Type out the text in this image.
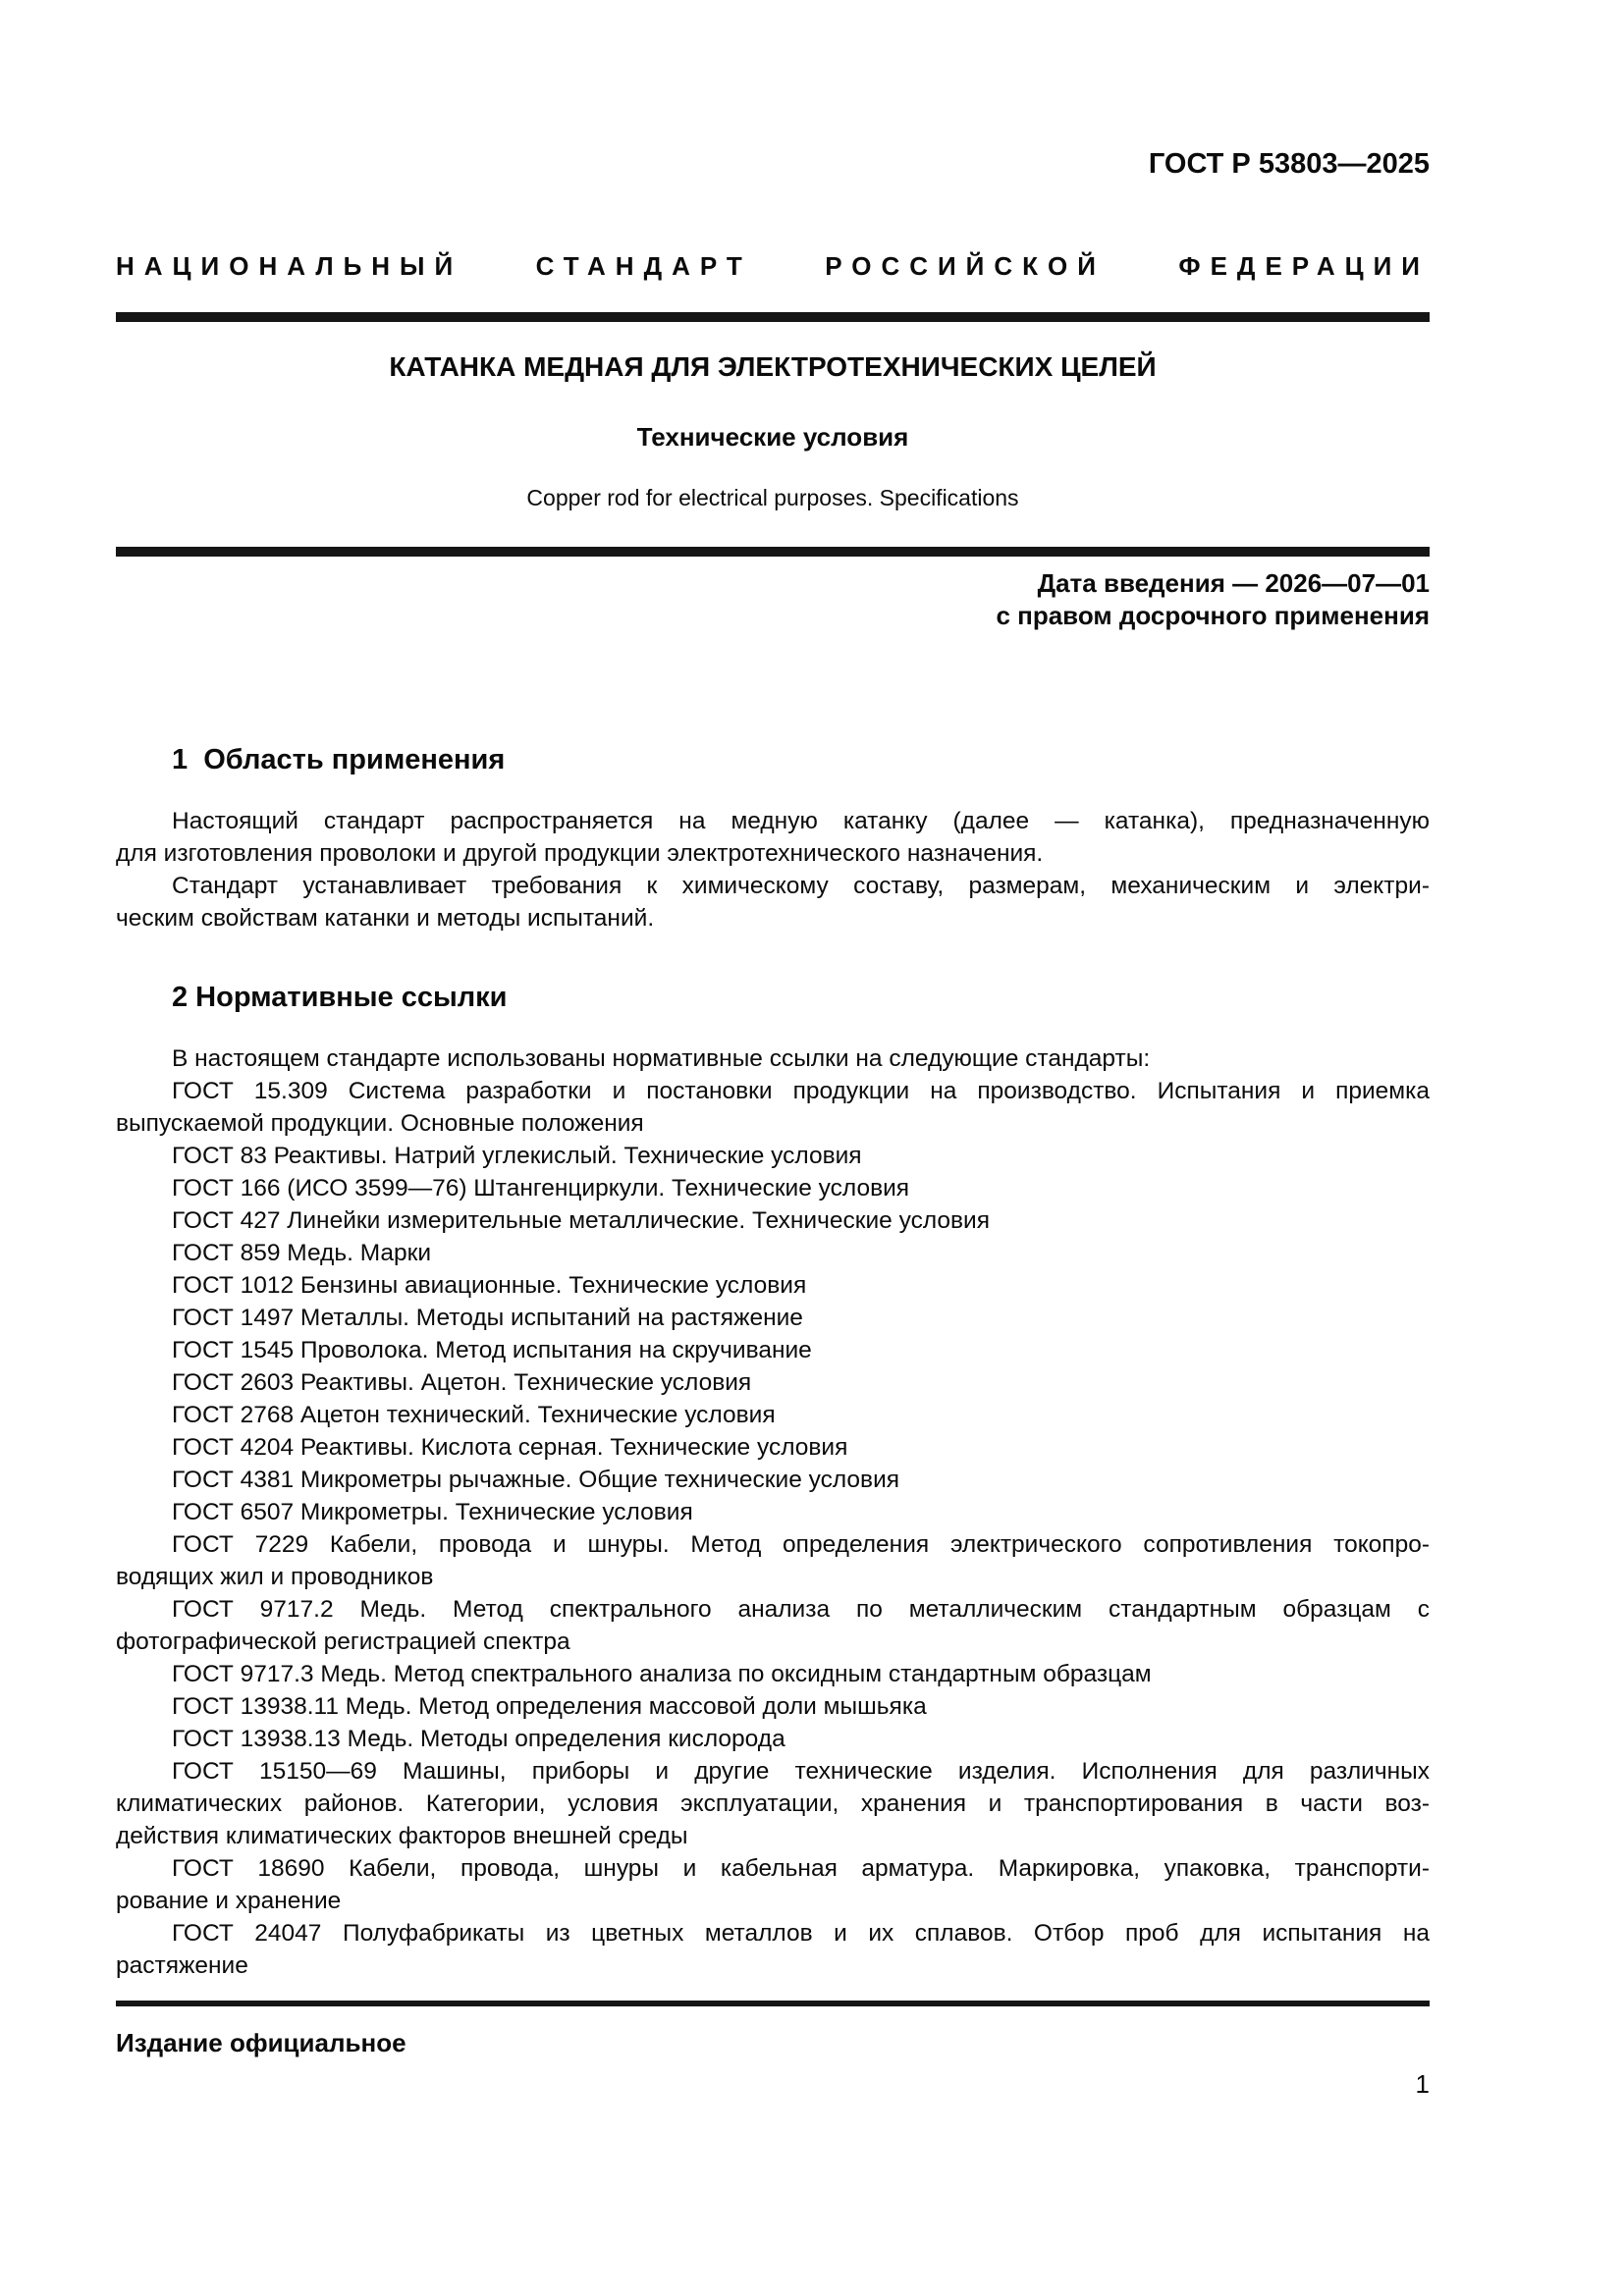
ГОСТ Р 53803—2025
НАЦИОНАЛЬНЫЙ СТАНДАРТ РОССИЙСКОЙ ФЕДЕРАЦИИ
КАТАНКА МЕДНАЯ ДЛЯ ЭЛЕКТРОТЕХНИЧЕСКИХ ЦЕЛЕЙ
Технические условия
Copper rod for electrical purposes. Specifications
Дата введения — 2026—07—01
с правом досрочного применения
1  Область применения
Настоящий стандарт распространяется на медную катанку (далее — катанка), предназначенную
для изготовления проволоки и другой продукции электротехнического назначения.
Стандарт устанавливает требования к химическому составу, размерам, механическим и электри-
ческим свойствам катанки и методы испытаний.
2 Нормативные ссылки
В настоящем стандарте использованы нормативные ссылки на следующие стандарты:
ГОСТ 15.309 Система разработки и постановки продукции на производство. Испытания и приемка
выпускаемой продукции. Основные положения
ГОСТ 83 Реактивы. Натрий углекислый. Технические условия
ГОСТ 166 (ИСО 3599—76) Штангенциркули. Технические условия
ГОСТ 427 Линейки измерительные металлические. Технические условия
ГОСТ 859 Медь. Марки
ГОСТ 1012 Бензины авиационные. Технические условия
ГОСТ 1497 Металлы. Методы испытаний на растяжение
ГОСТ 1545 Проволока. Метод испытания на скручивание
ГОСТ 2603 Реактивы. Ацетон. Технические условия
ГОСТ 2768 Ацетон технический. Технические условия
ГОСТ 4204 Реактивы. Кислота серная. Технические условия
ГОСТ 4381 Микрометры рычажные. Общие технические условия
ГОСТ 6507 Микрометры. Технические условия
ГОСТ 7229 Кабели, провода и шнуры. Метод определения электрического сопротивления токопро-
водящих жил и проводников
ГОСТ 9717.2 Медь. Метод спектрального анализа по металлическим стандартным образцам с
фотографической регистрацией спектра
ГОСТ 9717.3 Медь. Метод спектрального анализа по оксидным стандартным образцам
ГОСТ 13938.11 Медь. Метод определения массовой доли мышьяка
ГОСТ 13938.13 Медь. Методы определения кислорода
ГОСТ 15150—69 Машины, приборы и другие технические изделия. Исполнения для различных
климатических районов. Категории, условия эксплуатации, хранения и транспортирования в части воз-
действия климатических факторов внешней среды
ГОСТ 18690 Кабели, провода, шнуры и кабельная арматура. Маркировка, упаковка, транспорти-
рование и хранение
ГОСТ 24047 Полуфабрикаты из цветных металлов и их сплавов. Отбор проб для испытания на
растяжение
Издание официальное
1
